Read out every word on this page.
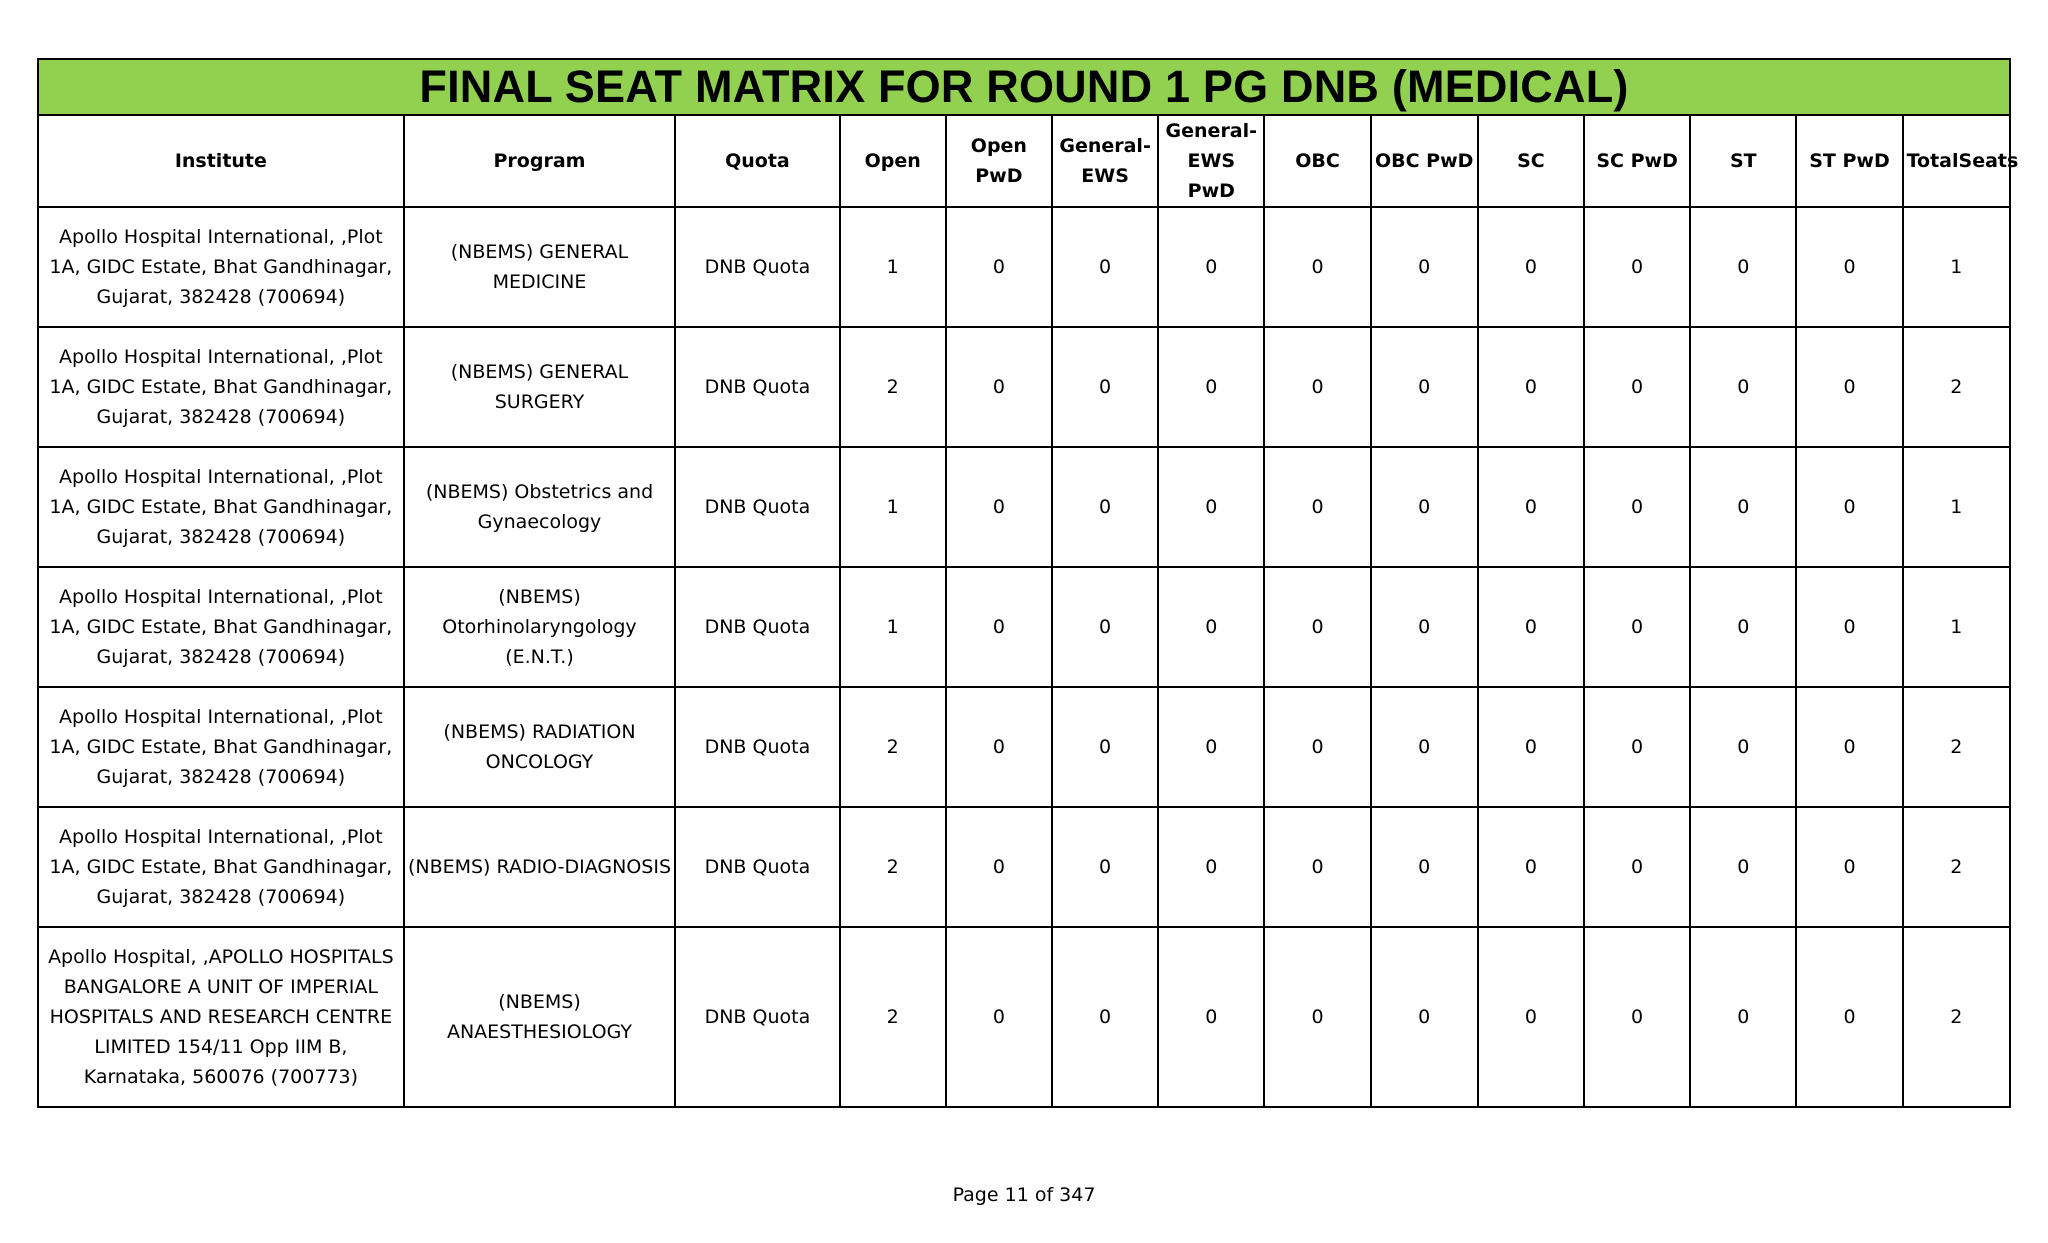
FINAL SEAT MATRIX FOR ROUND 1 PG DNB (MEDICAL)													
Institute	Program	Quota	Open	Open PwD	General-EWS	General-EWS PwD	OBC	OBC PwD	SC	SC PwD	ST	ST PwD	TotalSeats
Apollo Hospital International, ,Plot 1A, GIDC Estate, Bhat Gandhinagar, Gujarat, 382428 (700694)	(NBEMS) GENERAL MEDICINE	DNB Quota	1	0	0	0	0	0	0	0	0	0	1
Apollo Hospital International, ,Plot 1A, GIDC Estate, Bhat Gandhinagar, Gujarat, 382428 (700694)	(NBEMS) GENERAL SURGERY	DNB Quota	2	0	0	0	0	0	0	0	0	0	2
Apollo Hospital International, ,Plot 1A, GIDC Estate, Bhat Gandhinagar, Gujarat, 382428 (700694)	(NBEMS) Obstetrics and Gynaecology	DNB Quota	1	0	0	0	0	0	0	0	0	0	1
Apollo Hospital International, ,Plot 1A, GIDC Estate, Bhat Gandhinagar, Gujarat, 382428 (700694)	(NBEMS) Otorhinolaryngology (E.N.T.)	DNB Quota	1	0	0	0	0	0	0	0	0	0	1
Apollo Hospital International, ,Plot 1A, GIDC Estate, Bhat Gandhinagar, Gujarat, 382428 (700694)	(NBEMS) RADIATION ONCOLOGY	DNB Quota	2	0	0	0	0	0	0	0	0	0	2
Apollo Hospital International, ,Plot 1A, GIDC Estate, Bhat Gandhinagar, Gujarat, 382428 (700694)	(NBEMS) RADIO-DIAGNOSIS	DNB Quota	2	0	0	0	0	0	0	0	0	0	2
Apollo Hospital, ,APOLLO HOSPITALS BANGALORE A UNIT OF IMPERIAL HOSPITALS AND RESEARCH CENTRE LIMITED 154/11 Opp IIM B, Karnataka, 560076 (700773)	(NBEMS) ANAESTHESIOLOGY	DNB Quota	2	0	0	0	0	0	0	0	0	0	2
Page 11 of 347
